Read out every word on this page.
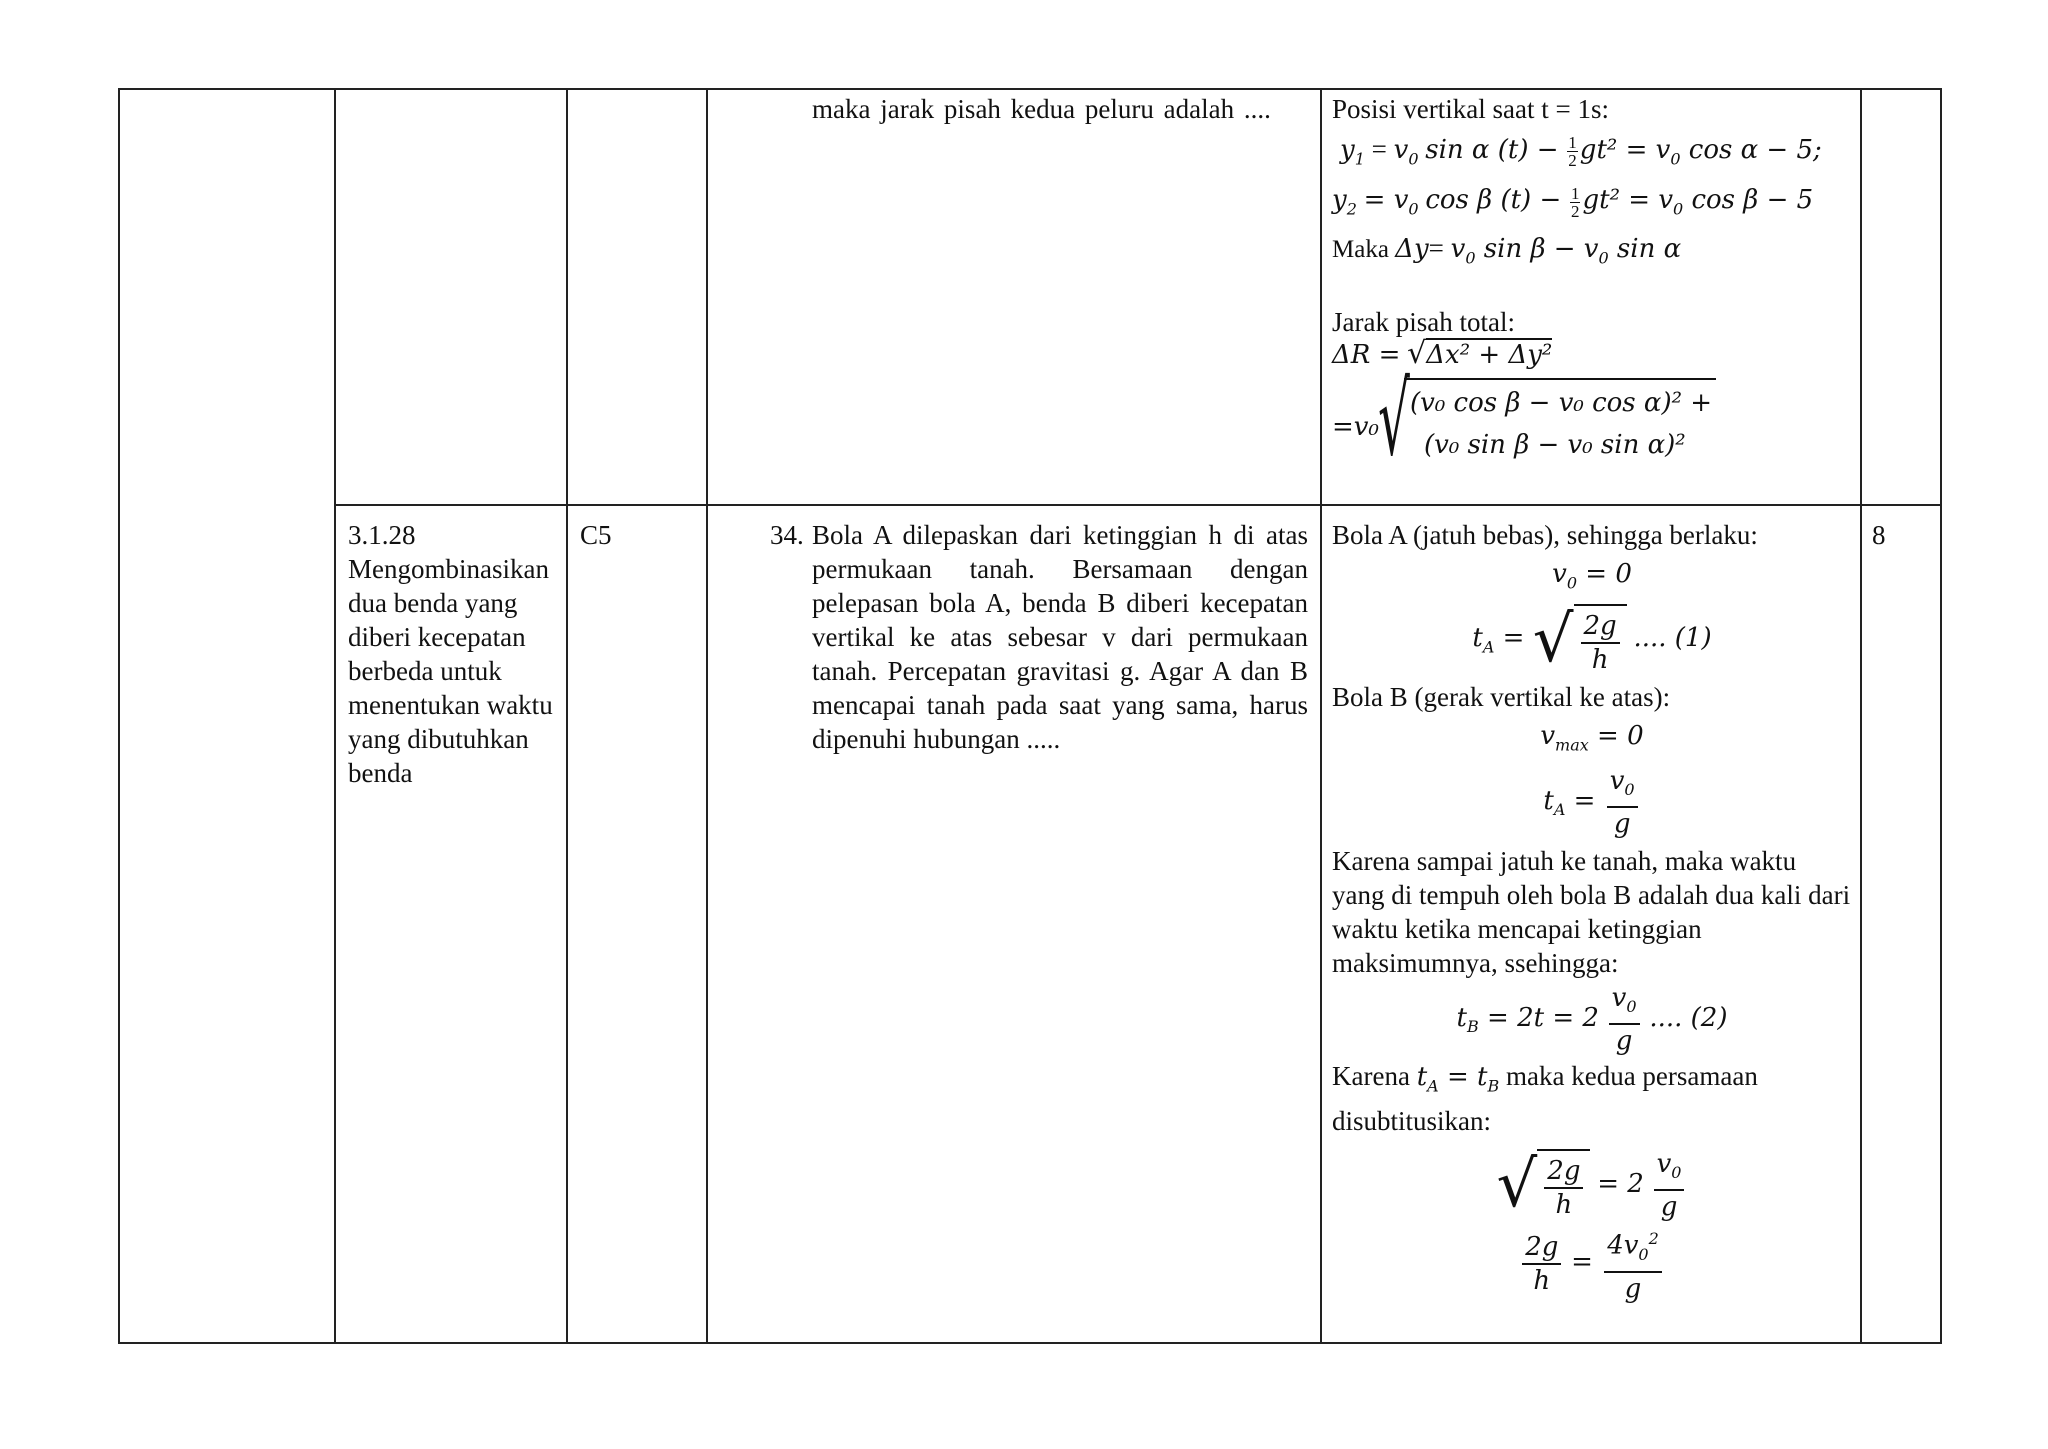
maka jarak pisah kedua peluru adalah ....	Posisi vertikal saat t = 1s:

$y_1 = v_0$ sin α $(t) - \frac{1}{2} gt^2 = v_0$ cos α − 5;

$y_2 = v_0$ cos β $(t) - \frac{1}{2} gt^2 = v_0$ cos β − 5

Maka $\Delta y= v_0$ $\sin \beta - v_0$ sin α

Jarak pisah total:

ΔR = √Δx² + Δy²

=v₀ √ (v₀ cos β − v₀ cos α)² +
(v₀ sin β − v₀ sin α)²

3.1.28

Mengombinasikan dua benda yang diberi kecepatan berbeda untuk menentukan waktu yang dibutuhkan benda

C5	34. Bola A dilepaskan dari ketinggian h di atas permukaan tanah. Bersamaan dengan pelepasan bola A, benda B diberi kecepatan vertikal ke atas sebesar v dari permukaan tanah. Percepatan gravitasi g. Agar A dan B mencapai tanah pada saat yang sama, harus dipenuhi hubungan .....

Bola A (jatuh bebas), sehingga berlaku:

$v_0 = 0$

$t_A$ = √ $\frac{2g}{h}$ .... (1)

Bola B (gerak vertikal ke atas):

$v_{max} = 0$

$t_A = \frac{v_0}{g}$

Karena sampai jatuh ke tanah, maka waktu yang di tempuh oleh bola B adalah dua kali dari waktu ketika mencapai ketinggian maksimumnya, ssehingga:

$t_B = 2t = 2 \frac{v_0}{g}$ .... (2)

Karena $t_A = t_B$ maka kedua persamaan disubtitusikan:

√ $\frac{2g}{h} = 2 \frac{v_0}{g}$
$\frac{2g}{h} = \frac{4v_0^2}{g}$
8
